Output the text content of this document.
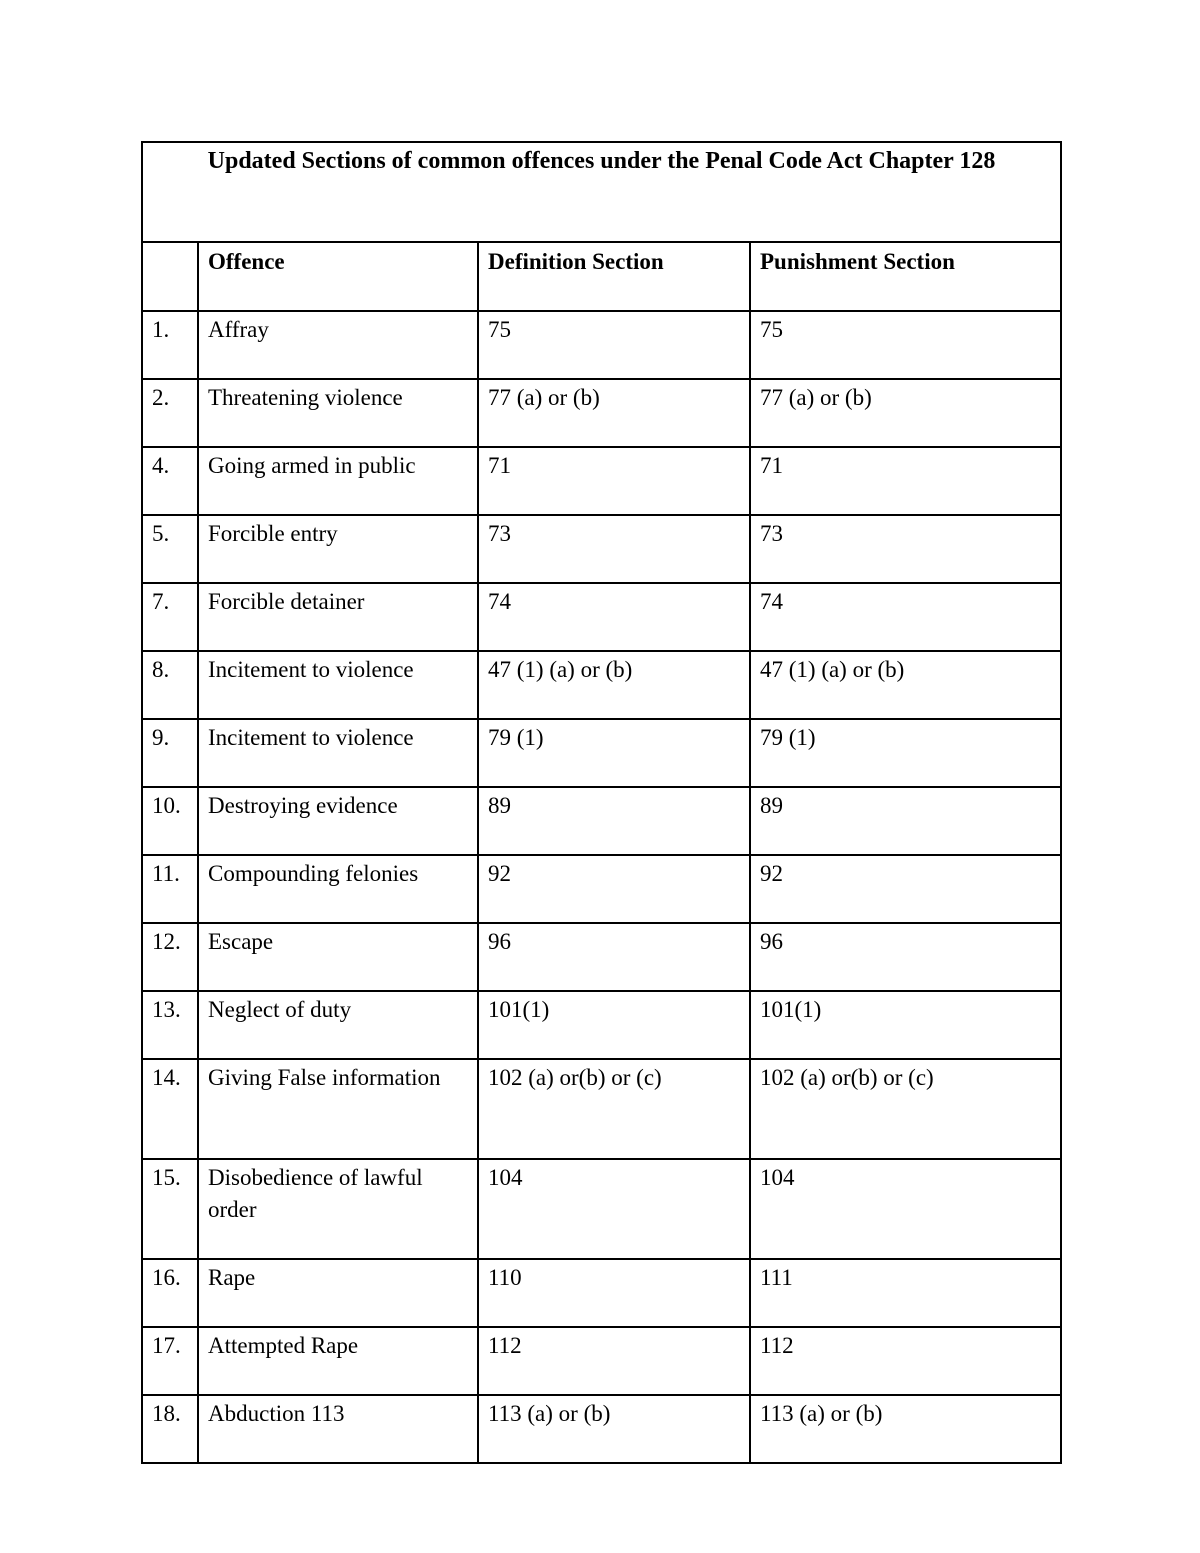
Updated Sections of common offences under the Penal Code Act Chapter 128			
	Offence	Definition Section	Punishment Section
1.	Affray	75	75
2.	Threatening violence	77 (a) or (b)	77 (a) or (b)
4.	Going armed in public	71	71
5.	Forcible entry	73	73
7.	Forcible detainer	74	74
8.	Incitement to violence	47 (1) (a) or (b)	47 (1) (a) or (b)
9.	Incitement to violence	79 (1)	79 (1)
10.	Destroying evidence	89	89
11.	Compounding felonies	92	92
12.	Escape	96	96
13.	Neglect of duty	101(1)	101(1)
14.	Giving False information	102 (a) or(b) or (c)	102 (a) or(b) or (c)
15.	Disobedience of lawful order	104	104
16.	Rape	110	111
17.	Attempted Rape	112	112
18.	Abduction 113	113 (a) or (b)	113 (a) or (b)
